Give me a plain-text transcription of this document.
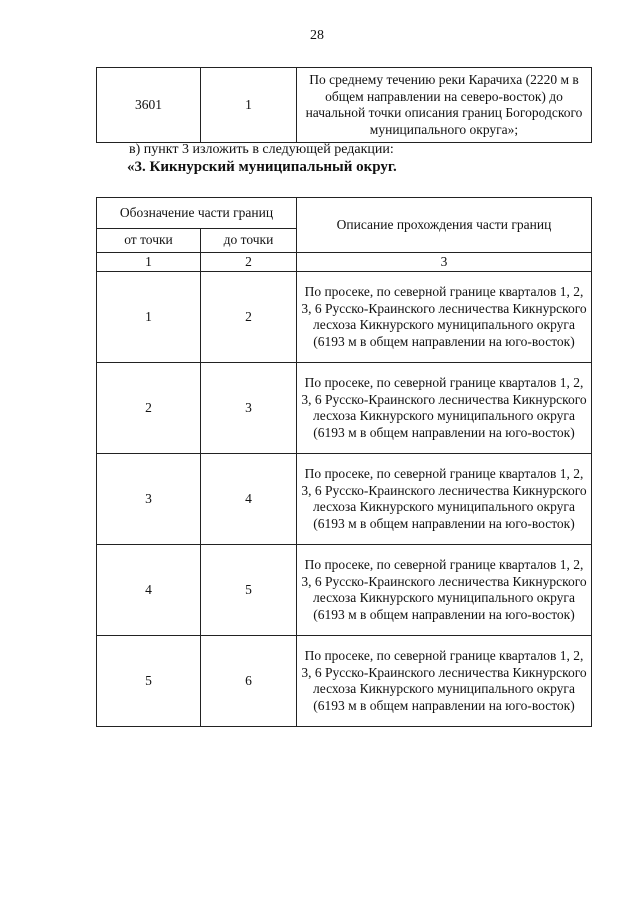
28
3601	1	По среднему течению реки Карачиха (2220 м в общем направлении на северо-восток) до начальной точки описания границ Богородского муниципального округа»;
в) пункт 3 изложить в следующей редакции:
«3. Кикнурский муниципальный округ.
Обозначение части границ		Описание прохождения части границ
от точки	до точки	
1	2	3
1	2	По просеке, по северной границе кварталов 1, 2, 3, 6 Русско-Краинского лесничества Кикнурского лесхоза Кикнурского муниципального округа (6193 м в общем направлении на юго-восток)
2	3	По просеке, по северной границе кварталов 1, 2, 3, 6 Русско-Краинского лесничества Кикнурского лесхоза Кикнурского муниципального округа (6193 м в общем направлении на юго-восток)
3	4	По просеке, по северной границе кварталов 1, 2, 3, 6 Русско-Краинского лесничества Кикнурского лесхоза Кикнурского муниципального округа (6193 м в общем направлении на юго-восток)
4	5	По просеке, по северной границе кварталов 1, 2, 3, 6 Русско-Краинского лесничества Кикнурского лесхоза Кикнурского муниципального округа (6193 м в общем направлении на юго-восток)
5	6	По просеке, по северной границе кварталов 1, 2, 3, 6 Русско-Краинского лесничества Кикнурского лесхоза Кикнурского муниципального округа (6193 м в общем направлении на юго-восток)
